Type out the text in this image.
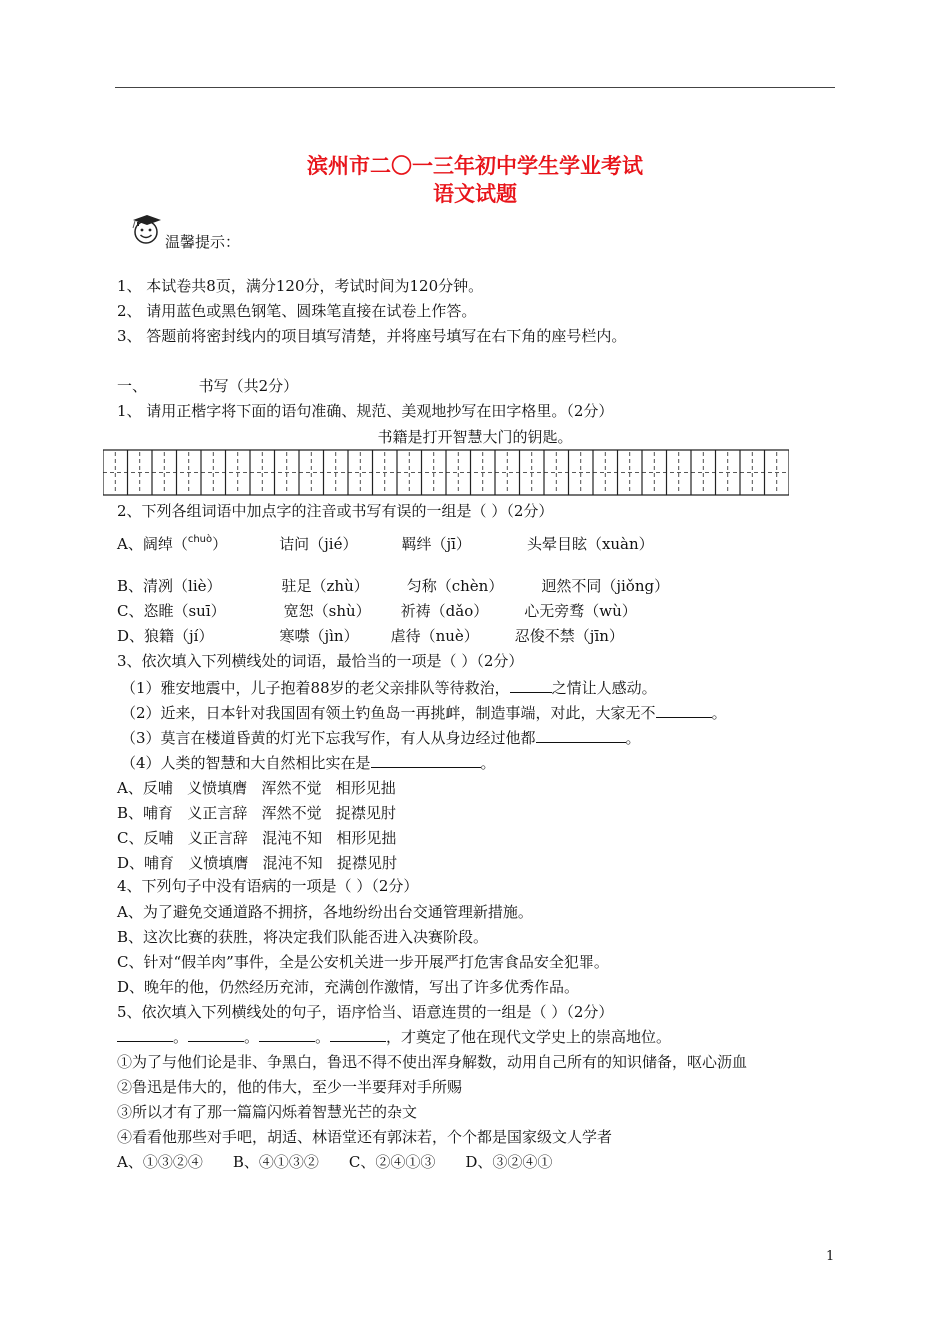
滨州市二〇一三年初中学生学业考试
语文试题
温馨提示：
1、 本试卷共8页，满分120分，考试时间为120分钟。
2、 请用蓝色或黑色钢笔、圆珠笔直接在试卷上作答。
3、 答题前将密封线内的项目填写清楚，并将座号填写在右下角的座号栏内。
一、	书写（共2分）
1、 请用正楷字将下面的语句准确、规范、美观地抄写在田字格里。（2分）
书籍是打开智慧大门的钥匙。
2、下列各组词语中加点字的注音或书写有误的一组是（ ）（2分）
A、阔绰（$^{chuò}$）	诘问（jié）	羁绊（jī）	头晕目眩（xuàn）
B、清冽（liè）	驻足（zhù）	匀称（chèn）	迥然不同（jiǒng）
C、恣睢（suī）	宽恕（shù） 祈祷（dǎo） 心无旁骛（wù）
D、狼籍（jí）	寒噤（jìn） 虐待（nuè） 忍俊不禁（jīn）
3、依次填入下列横线处的词语，最恰当的一项是（ ）（2分）
（1）雅安地震中，儿子抱着88岁的老父亲排队等待救治，	之情让人感动。
（2）近来，日本针对我国固有领土钓鱼岛一再挑衅，制造事端，对此，大家无不	。
（3）莫言在楼道昏黄的灯光下忘我写作，有人从身边经过他都	。
（4）人类的智慧和大自然相比实在是	。
A、反哺   义愤填膺   浑然不觉   相形见拙
B、哺育   义正言辞   浑然不觉   捉襟见肘
C、反哺   义正言辞   混沌不知   相形见拙
D、哺育   义愤填膺   混沌不知   捉襟见肘
4、下列句子中没有语病的一项是（ ）（2分）
A、为了避免交通道路不拥挤，各地纷纷出台交通管理新措施。
B、这次比赛的获胜，将决定我们队能否进入决赛阶段。
C、针对“假羊肉”事件，全是公安机关进一步开展严打危害食品安全犯罪。
D、晚年的他，仍然经历充沛，充满创作激情，写出了许多优秀作品。
5、依次填入下列横线处的句子，语序恰当、语意连贯的一组是（ ）（2分）
。	。	。	，才奠定了他在现代文学史上的崇高地位。
①为了与他们论是非、争黑白，鲁迅不得不使出浑身解数，动用自己所有的知识储备，呕心沥血
②鲁迅是伟大的，他的伟大，至少一半要拜对手所赐
③所以才有了那一篇篇闪烁着智慧光芒的杂文
④看看他那些对手吧，胡适、林语堂还有郭沫若，个个都是国家级文人学者
A、①③②④ B、④①③② C、②④①③ D、③②④①
1
